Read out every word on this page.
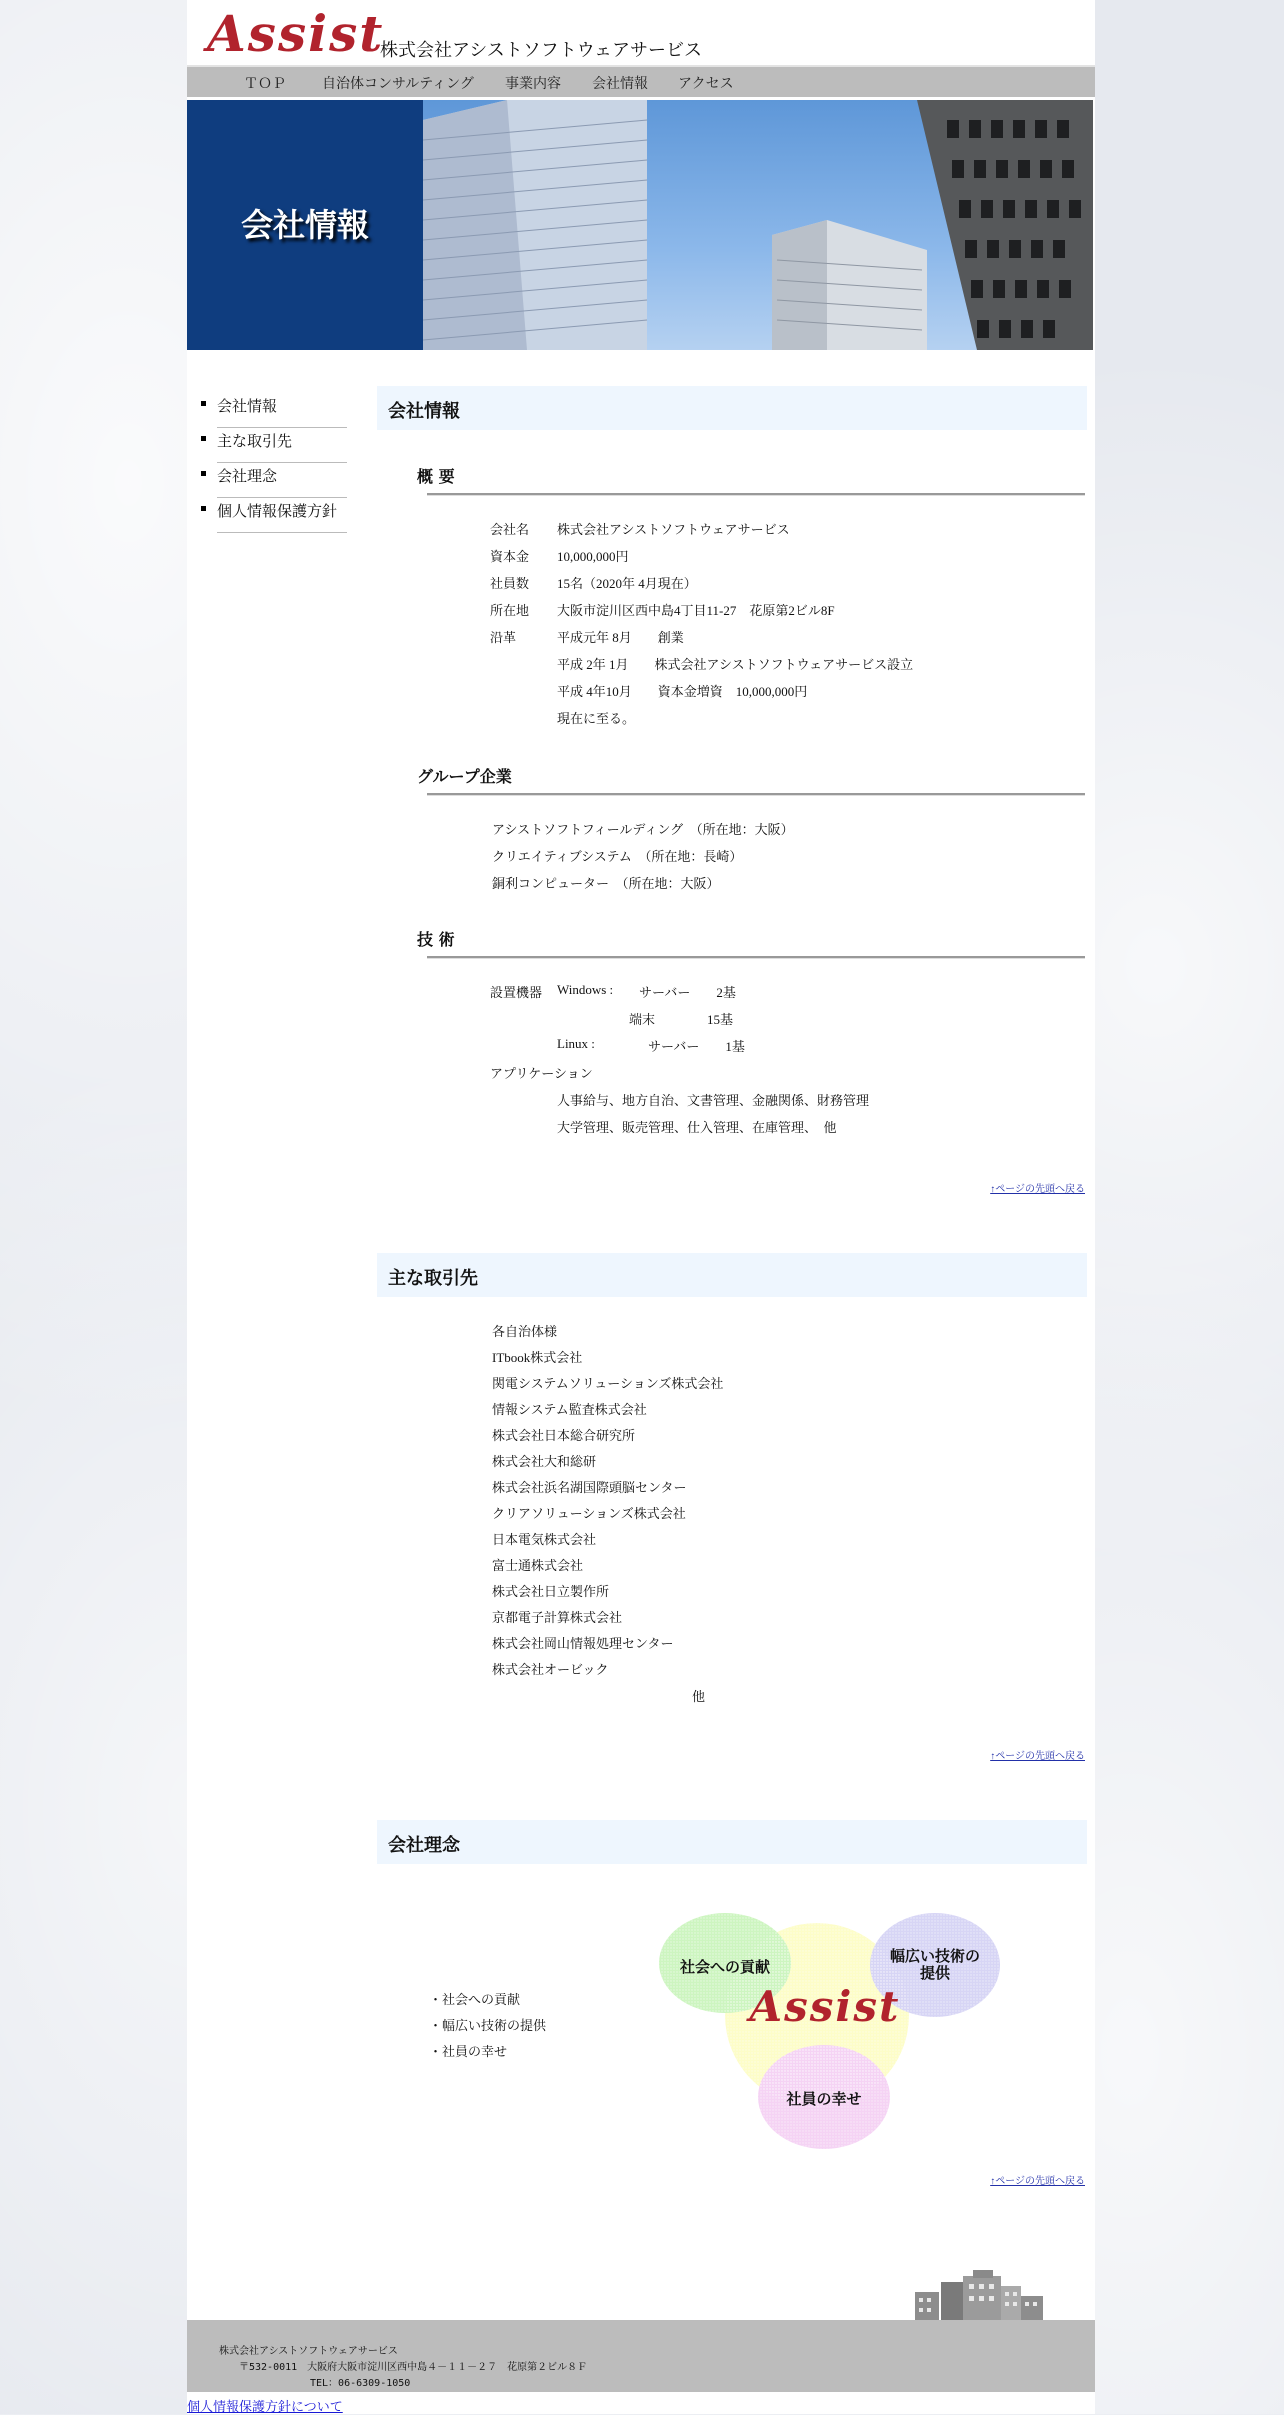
Assist
株式会社アシストソフトウェアサービス
ＴＯＰ	自治体コンサルティング 事業内容 会社情報 アクセス
会社情報
会社情報
主な取引先
会社理念
個人情報保護方針
会社情報
概 要
会社名 株式会社アシストソフトウェアサービス
資本金 10,000,000円
社員数 15名（2020年 4月現在）
所在地 大阪市淀川区西中島4丁目11-27　花原第2ビル8F
沿革	平成元年 8月　　創業
平成 2年 1月　　株式会社アシストソフトウェアサービス設立
平成 4年10月　　資本金増資　10,000,000円
現在に至る。
グループ企業
アシストソフトフィールディング　（所在地：大阪）
クリエイティブシステム　（所在地：長崎）
銅利コンピューター　（所在地：大阪）
技 術
設置機器 Windows : サーバー　　2基
端末　　　　15基
Linux :	サーバー　　1基
アプリケーション
人事給与、地方自治、文書管理、金融関係、財務管理
大学管理、販売管理、仕入管理、在庫管理、　他
↑ページの先頭へ戻る
主な取引先
各自治体様
ITbook株式会社
関電システムソリューションズ株式会社
情報システム監査株式会社
株式会社日本総合研究所
株式会社大和総研
株式会社浜名湖国際頭脳センター
クリアソリューションズ株式会社
日本電気株式会社
富士通株式会社
株式会社日立製作所
京都電子計算株式会社
株式会社岡山情報処理センター
株式会社オービック
他
↑ページの先頭へ戻る
会社理念
・社会への貢献
・幅広い技術の提供
・社員の幸せ
社会への貢献
幅広い技術の
提供
社員の幸せ
Assist
↑ページの先頭へ戻る
株式会社アシストソフトウェアサービス
〒532-0011　大阪府大阪市淀川区西中島４－１１－２７　花原第２ビル８Ｆ
TEL：06-6309-1050
個人情報保護方針について
